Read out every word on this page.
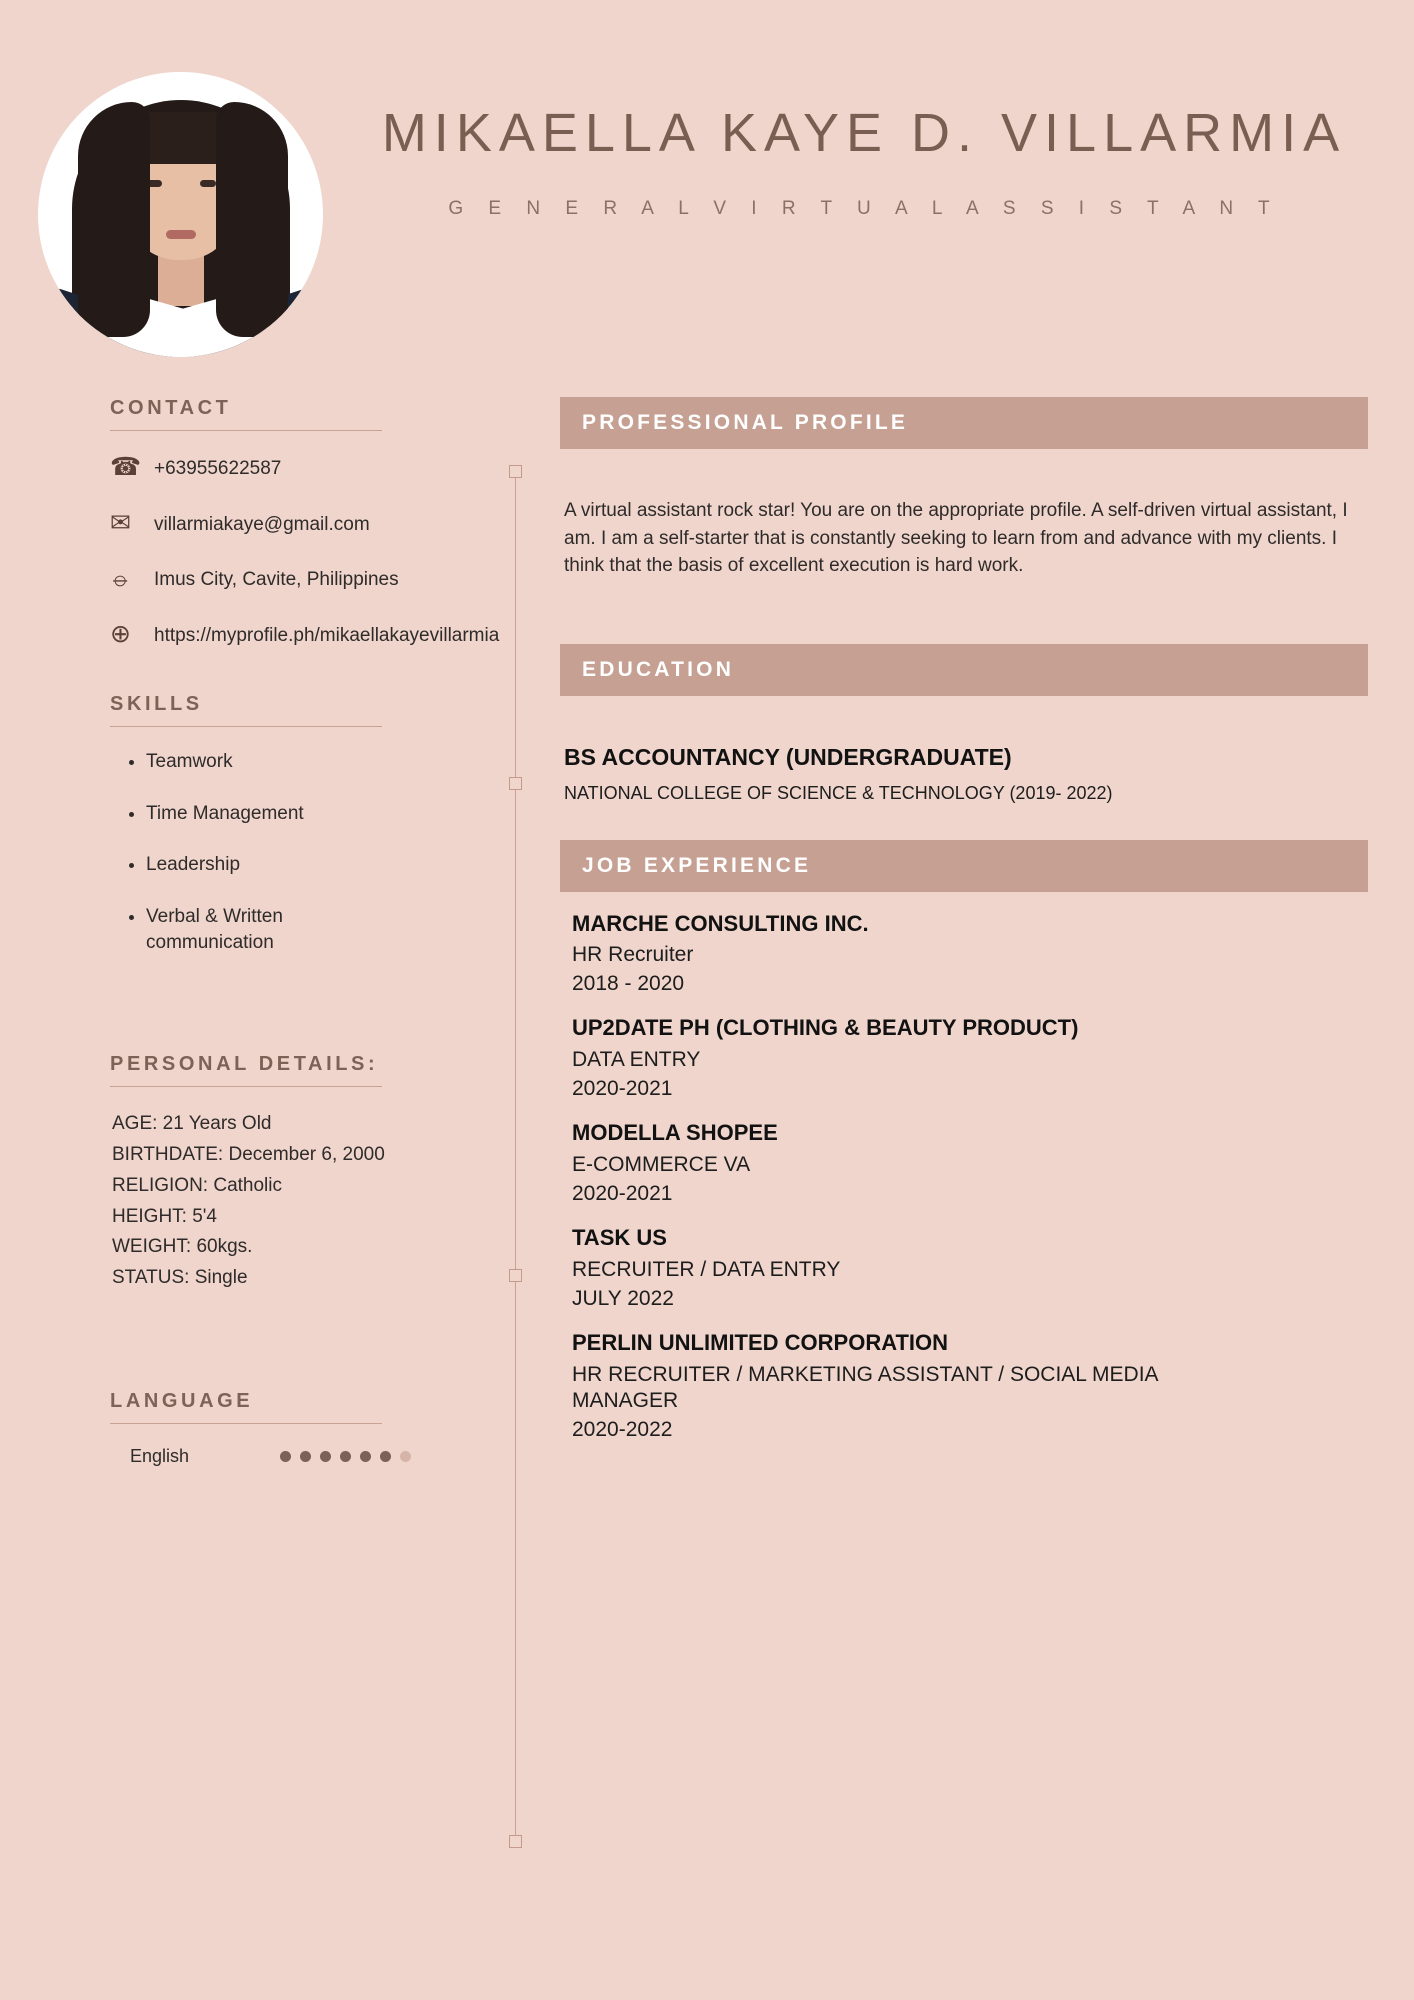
MIKAELLA KAYE D. VILLARMIA
G E N E R A L V I R T U A L A S S I S T A N T
CONTACT
☎ +63955622587
✉	villarmiakaye@gmail.com
⦵	Imus City, Cavite, Philippines
⊕	https://myprofile.ph/mikaellakayevillarmia
SKILLS
• Teamwork
• Time Management
• Leadership
• Verbal & Written communication
PERSONAL DETAILS:
AGE: 21 Years Old
BIRTHDATE: December 6, 2000
RELIGION: Catholic
HEIGHT: 5'4
WEIGHT: 60kgs.
STATUS: Single
LANGUAGE
English
PROFESSIONAL PROFILE
A virtual assistant rock star! You are on the appropriate profile. A self-driven virtual assistant, I am. I am a self-starter that is constantly seeking to learn from and advance with my clients. I think that the basis of excellent execution is hard work.
EDUCATION
BS ACCOUNTANCY (UNDERGRADUATE)
NATIONAL COLLEGE OF SCIENCE & TECHNOLOGY (2019- 2022)
JOB EXPERIENCE
MARCHE CONSULTING INC.
HR Recruiter
2018 - 2020
UP2DATE PH (CLOTHING & BEAUTY PRODUCT)
DATA ENTRY
2020-2021
MODELLA SHOPEE
E-COMMERCE VA
2020-2021
TASK US
RECRUITER / DATA ENTRY
JULY 2022
PERLIN UNLIMITED CORPORATION
HR RECRUITER / MARKETING ASSISTANT / SOCIAL MEDIA MANAGER
2020-2022
